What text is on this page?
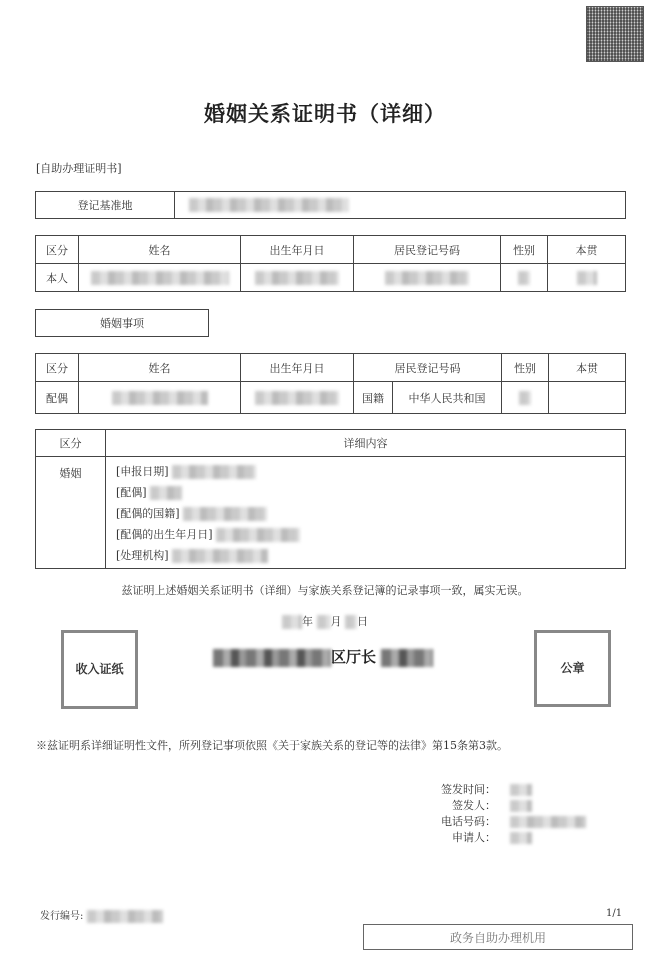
婚姻关系证明书（详细）
[自助办理证明书]
登记基准地	
区分	姓名	出生年月日	居民登记号码	性别	本贯
本人					
婚姻事项
区分	姓名	出生年月日	居民登记号码		性别	本贯
配偶			国籍	中华人民共和国		
区分	详细内容
婚姻	[申报日期]
[配偶]
[配偶的国籍]
[配偶的出生年月日]
[处理机构]
兹证明上述婚姻关系证明书（详细）与家族关系登记簿的记录事项一致，属实无误。
年 月 日
收入证纸
区厅长
公章
※兹证明系详细证明性文件，所列登记事项依照《关于家族关系的登记等的法律》第15条第3款。
签发时间：
签发人：
电话号码：
申请人：
发行编号:	1/1
政务自助办理机用
